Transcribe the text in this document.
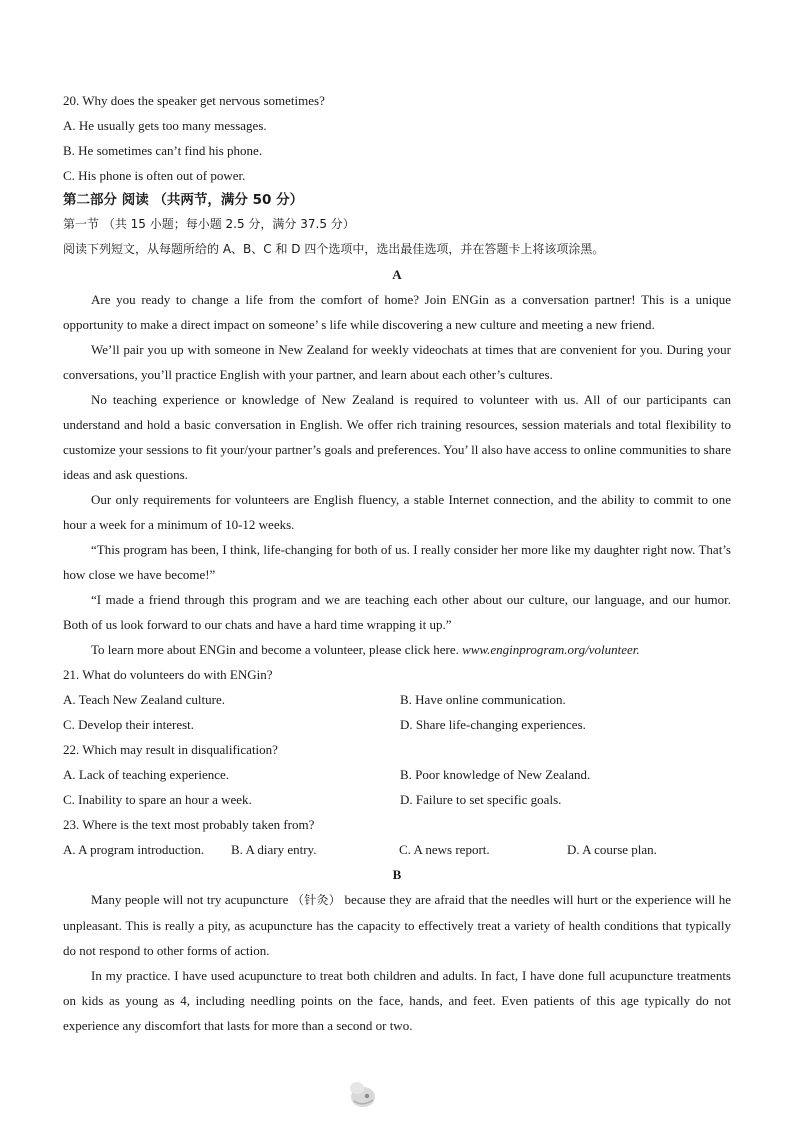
20. Why does the speaker get nervous sometimes?

A. He usually gets too many messages.

B. He sometimes can’t find his phone.

C. His phone is often out of power.

第二部分 阅读 （共两节，满分 50 分）

第一节 （共 15 小题；每小题 2.5 分，满分 37.5 分）

阅读下列短文，从每题所给的 A、B、C 和 D 四个选项中，选出最佳选项，并在答题卡上将该项涂黑。

A

Are you ready to change a life from the comfort of home? Join ENGin as a conversation partner! This is a unique opportunity to make a direct impact on someone’ s life while discovering a new culture and meeting a new friend.

We’ll pair you up with someone in New Zealand for weekly videochats at times that are convenient for you. During your conversations, you’ll practice English with your partner, and learn about each other’s cultures.

No teaching experience or knowledge of New Zealand is required to volunteer with us. All of our participants can understand and hold a basic conversation in English. We offer rich training resources, session materials and total flexibility to customize your sessions to fit your/your partner’s goals and preferences. You’ ll also have access to online communities to share ideas and ask questions.

Our only requirements for volunteers are English fluency, a stable Internet connection, and the ability to commit to one hour a week for a minimum of 10-12 weeks.

“This program has been, I think, life-changing for both of us. I really consider her more like my daughter right now. That’s how close we have become!”

“I made a friend through this program and we are teaching each other about our culture, our language, and our humor. Both of us look forward to our chats and have a hard time wrapping it up.”

To learn more about ENGin and become a volunteer, please click here. www.enginprogram.org/volunteer.

21. What do volunteers do with ENGin?

A. Teach New Zealand culture.	B. Have online communication.
C. Develop their interest.	D. Share life-changing experiences.

22. Which may result in disqualification?

A. Lack of teaching experience.	B. Poor knowledge of New Zealand.
C. Inability to spare an hour a week.	D. Failure to set specific goals.

23. Where is the text most probably taken from?

A. A program introduction.	B. A diary entry.	C. A news report.	D. A course plan.

B

Many people will not try acupuncture （针灸） because they are afraid that the needles will hurt or the experience will he unpleasant. This is really a pity, as acupuncture has the capacity to effectively treat a variety of health conditions that typically do not respond to other forms of action.

In my practice. I have used acupuncture to treat both children and adults. In fact, I have done full acupuncture treatments on kids as young as 4, including needling points on the face, hands, and feet. Even patients of this age typically do not experience any discomfort that lasts for more than a second or two.
